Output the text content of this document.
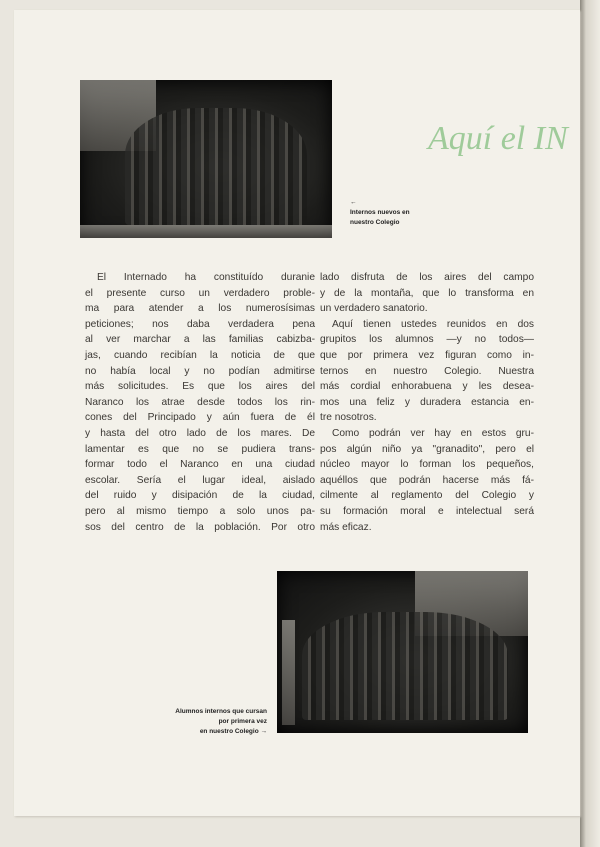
Aquí el IN
←
Internos nuevos en
nuestro Colegio
El Internado ha constituído duranie
el presente curso un verdadero proble-
ma para atender a los numerosísimas
peticiones; nos daba verdadera pena
al ver marchar a las familias cabizba-
jas, cuando recibían la noticia de que
no había local y no podían admitirse
más solicitudes. Es que los aires del
Naranco los atrae desde todos los rin-
cones del Principado y aún fuera de él
y hasta del otro lado de los mares. De
lamentar es que no se pudiera trans-
formar todo el Naranco en una ciudad
escolar. Sería el lugar ideal, aislado
del ruido y disipación de la ciudad,
pero al mismo tiempo a solo unos pa-
sos del centro de la población. Por otro
lado disfruta de los aires del campo
y de la montaña, que lo transforma en
un verdadero sanatorio.
Aquí tienen ustedes reunidos en dos
grupitos los alumnos —y no todos—
que por primera vez figuran como in-
ternos en nuestro Colegio. Nuestra
más cordial enhorabuena y les desea-
mos una feliz y duradera estancia en-
tre nosotros.
Como podrán ver hay en estos gru-
pos algún niño ya "granadito", pero el
núcleo mayor lo forman los pequeños,
aquéllos que podrán hacerse más fá-
cilmente al reglamento del Colegio y
su formación moral e intelectual será
más eficaz.
Alumnos internos que cursan
por primera vez
en nuestro Colegio →
